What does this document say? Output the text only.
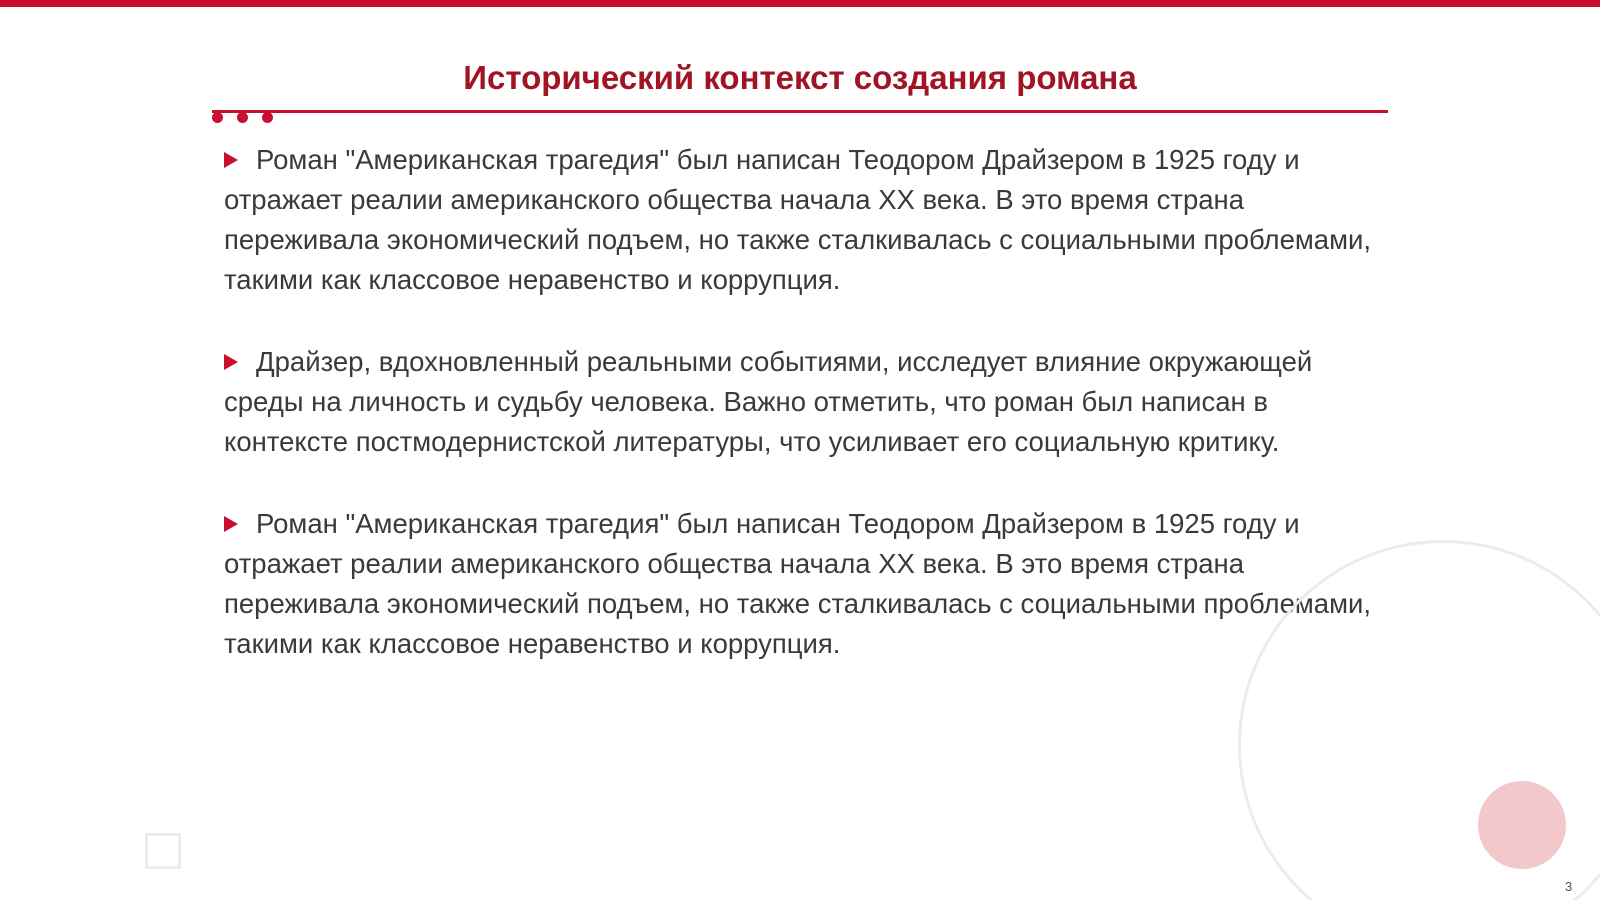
Исторический контекст создания романа

Роман "Американская трагедия" был написан Теодором Драйзером в 1925 году и отражает реалии американского общества начала XX века. В это время страна переживала экономический подъем, но также сталкивалась с социальными проблемами, такими как классовое неравенство и коррупция.

Драйзер, вдохновленный реальными событиями, исследует влияние окружающей среды на личность и судьбу человека. Важно отметить, что роман был написан в контексте постмодернистской литературы, что усиливает его социальную критику.

Роман "Американская трагедия" был написан Теодором Драйзером в 1925 году и отражает реалии американского общества начала XX века. В это время страна переживала экономический подъем, но также сталкивалась с социальными проблемами, такими как классовое неравенство и коррупция.

3
